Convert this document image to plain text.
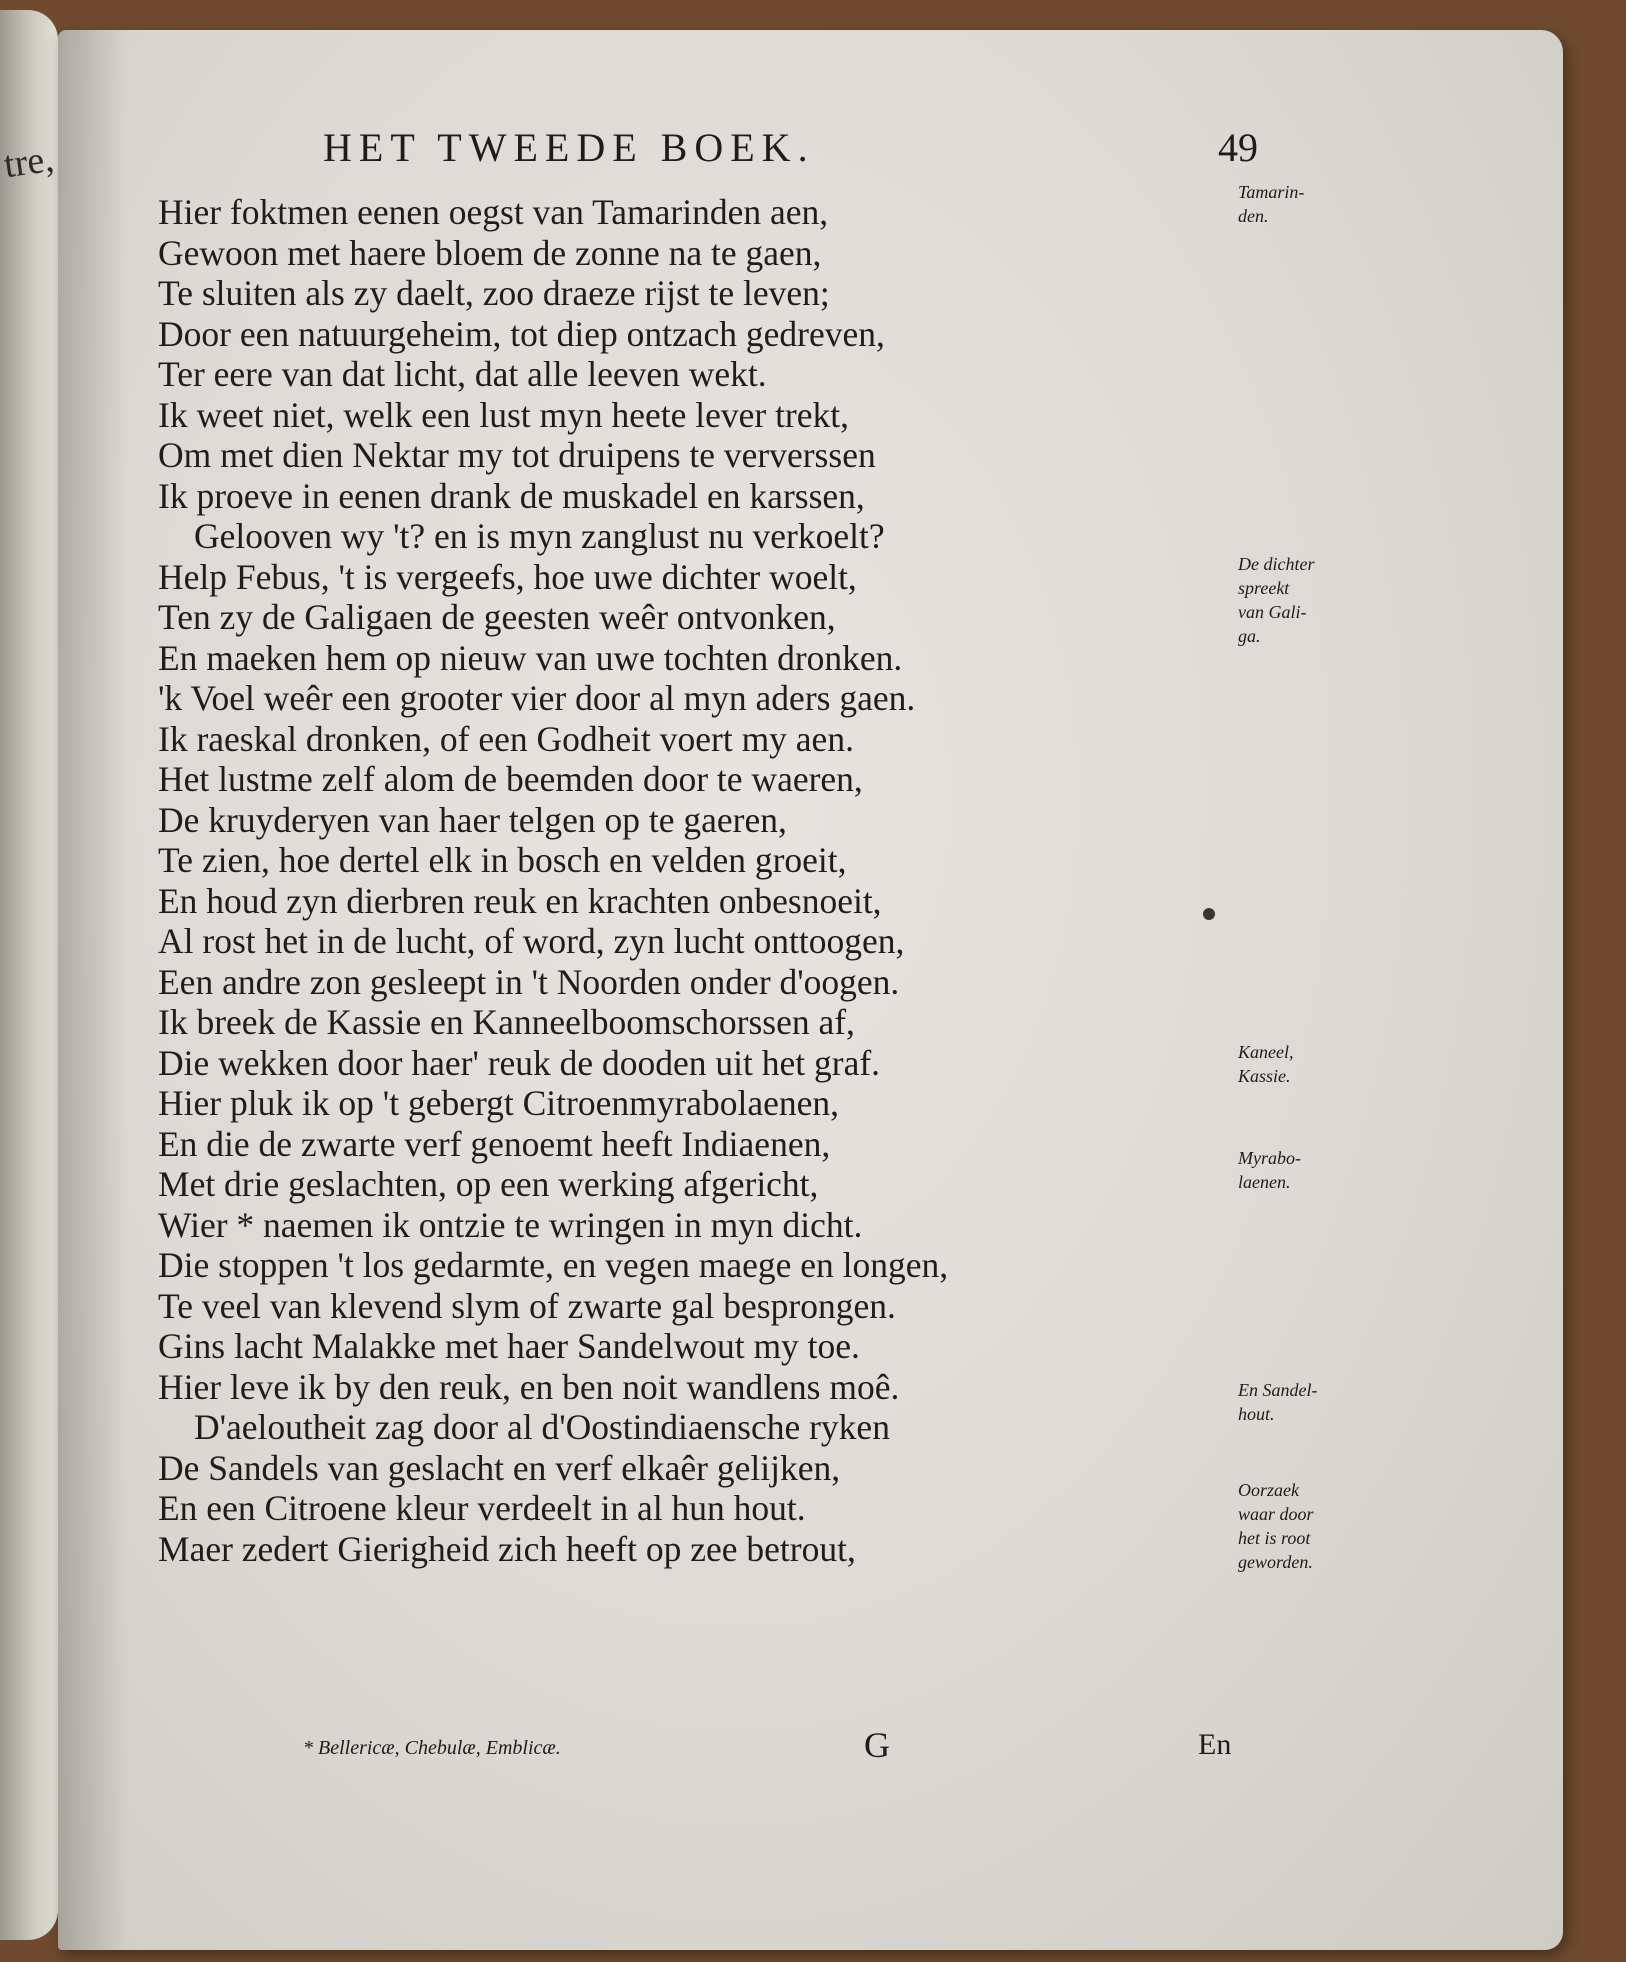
tre,	HET TWEEDE BOEK.	49
Hier foktmen eenen oegst van Tamarinden aen,
Gewoon met haere bloem de zonne na te gaen,
Te sluiten als zy daelt, zoo draeze rijst te leven;
Door een natuurgeheim, tot diep ontzach gedreven,
Ter eere van dat licht, dat alle leeven wekt.
Ik weet niet, welk een lust myn heete lever trekt,
Om met dien Nektar my tot druipens te ververssen
Ik proeve in eenen drank de muskadel en karssen,
Gelooven wy 't? en is myn zanglust nu verkoelt?
Help Febus, 't is vergeefs, hoe uwe dichter woelt,
Ten zy de Galigaen de geesten weêr ontvonken,
En maeken hem op nieuw van uwe tochten dronken.
'k Voel weêr een grooter vier door al myn aders gaen.
Ik raeskal dronken, of een Godheit voert my aen.
Het lustme zelf alom de beemden door te waeren,
De kruyderyen van haer telgen op te gaeren,
Te zien, hoe dertel elk in bosch en velden groeit,
En houd zyn dierbren reuk en krachten onbesnoeit,
Al rost het in de lucht, of word, zyn lucht onttoogen,
Een andre zon gesleept in 't Noorden onder d'oogen.
Ik breek de Kassie en Kanneelboomschorssen af,
Die wekken door haer' reuk de dooden uit het graf.
Hier pluk ik op 't gebergt Citroenmyrabolaenen,
En die de zwarte verf genoemt heeft Indiaenen,
Met drie geslachten, op een werking afgericht,
Wier * naemen ik ontzie te wringen in myn dicht.
Die stoppen 't los gedarmte, en vegen maege en longen,
Te veel van klevend slym of zwarte gal besprongen.
Gins lacht Malakke met haer Sandelwout my toe.
Hier leve ik by den reuk, en ben noit wandlens moê.
D'aeloutheit zag door al d'Oostindiaensche ryken
De Sandels van geslacht en verf elkaêr gelijken,
En een Citroene kleur verdeelt in al hun hout.
Maer zedert Gierigheid zich heeft op zee betrout,
Tamarin-
den.
De dichter
spreekt
van Gali-
ga.
Kaneel,
Kassie.
Myrabo-
laenen.
En Sandel-
hout.
Oorzaek
waar door
het is root
geworden.
* Bellericæ, Chebulæ, Emblicæ.	G	En
